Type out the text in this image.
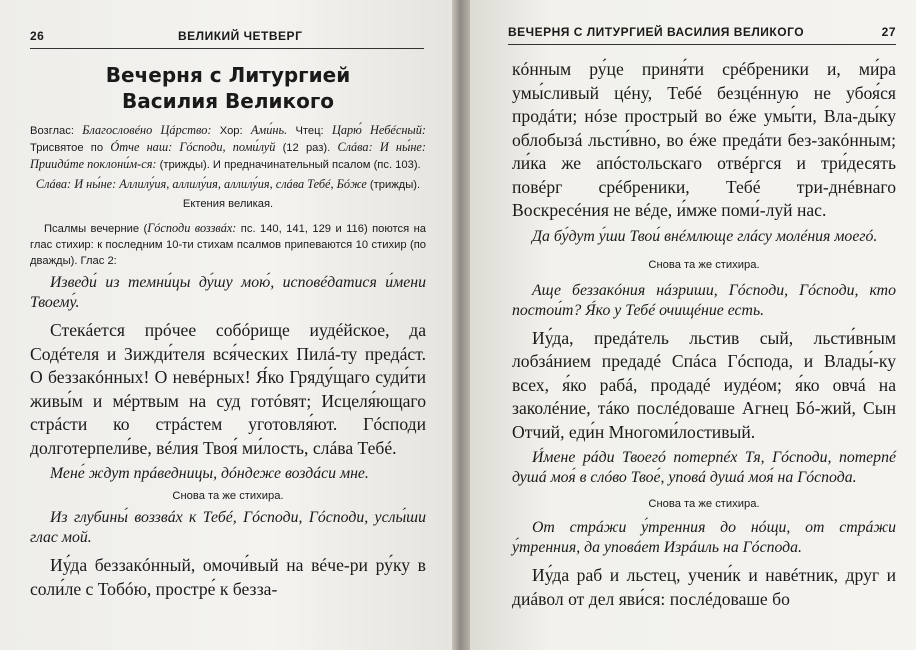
26	ВЕЛИКИЙ ЧЕТВЕРГ
Вечерня с Литургией
Василия Великого

Возглас: Благословéно Цáрство: Хор: Ами́нь. Чтец: Царю́ Небéсный: Трисвятое по Óтче наш: Гóсподи, поми́луй (12 раз). Слáва: И ны́не: Приидúте поклони́м-ся: (трижды). И предначинательный псалом (пс. 103).

Слáва: И ны́не: Аллилу́ия, аллилу́ия, аллилу́ия, слáва Тебé, Бóже (трижды).

Ектения великая.

Псалмы вечерние (Гóсподи воззвáх: пс. 140, 141, 129 и 116) поются на глас стихир: к последним 10-ти стихам псалмов припеваются 10 стихир (по дважды). Глас 2:

Изведи́ из темни́цы ду́шу мою́, исповéдатися и́мени Твоему́.

Стекáется прóчее собóрище иудéйское, да Содéтеля и Зижди́теля вся́ческих Пилá-ту предáст. О беззакóнных! О невéрных! Я́ко Гряду́щаго суди́ти живы́м и мéртвым на суд готóвят; Исцеля́ющаго стрáсти ко стрáстем уготовля́ют. Гóсподи долготерпели́ве, вéлия Твоя́ ми́лость, слáва Тебé.

Мене́ ждут прáведницы, дóндеже воздáси мне.

Снова та же стихира.

Из глубины́ воззвáх к Тебé, Гóсподи, Гóсподи, услы́ши глас мой.

Иу́да беззакóнный, омочи́вый на вéче-ри ру́ку в соли́ле с Тобóю, простре́ к безза-

ВЕЧЕРНЯ С ЛИТУРГИЕЙ ВАСИЛИЯ ВЕЛИКОГО	27

кóнным ру́це приня́ти срéбреники и, ми́ра умы́сливый цéну, Тебé безцéнную не убоя́ся продáти; нóзе прострый во éже умы́ти, Вла-ды́ку облобызá льсти́вно, во éже предáти без-закóнным; ли́ка же апóстольскаго отвéргся и три́десять повéрг срéбреники, Тебé три-днéвнаго Воскресéния не вéде, и́мже поми́-луй нас.

Да бу́дут у́ши Твои́ внéмлюще глáсу молéния моегó.

Снова та же стихира.

Аще беззакóния нáзриши, Гóсподи, Гóсподи, кто постои́т? Я́ко у Тебé очищéние есть.

Иу́да, предáтель льстив сый, льсти́вным лобзáнием предадé Спáса Гóспода, и Влады́-ку всех, я́ко рабá, продадé иудéом; я́ко овчá на заколéние, тáко послéдоваше Агнец Бó-жий, Сын Отчий, еди́н Многоми́лостивый.

И́мене рáди Твоегó потерпéх Тя, Гóсподи, потерпé душá моя́ в слóво Твое́, уповá душá моя́ на Гóспода.

Снова та же стихира.

От стрáжи у́тренния до нóщи, от стрáжи у́тренния, да уповáет Изрáиль на Гóспода.

Иу́да раб и льстец, учени́к и навéтник, друг и диáвол от дел яви́ся: послéдоваше бо
